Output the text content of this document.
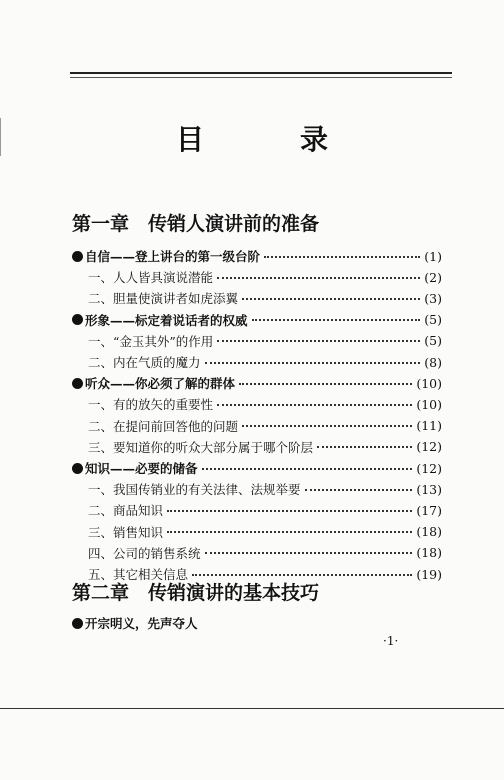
目	录
第一章 传销人演讲前的准备
自信——登上讲台的第一级台阶	(1)
一、人人皆具演说潜能	(2)
二、胆量使演讲者如虎添翼	(3)
形象——标定着说话者的权威	(5)
一、“金玉其外”的作用	(5)
二、内在气质的魔力	(8)
听众——你必须了解的群体	(10)
一、有的放矢的重要性	(10)
二、在提问前回答他的问题	(11)
三、要知道你的听众大部分属于哪个阶层	(12)
知识——必要的储备	(12)
一、我国传销业的有关法律、法规举要	(13)
二、商品知识	(17)
三、销售知识	(18)
四、公司的销售系统	(18)
五、其它相关信息	(19)
第二章 传销演讲的基本技巧
开宗明义，先声夺人
·1·
